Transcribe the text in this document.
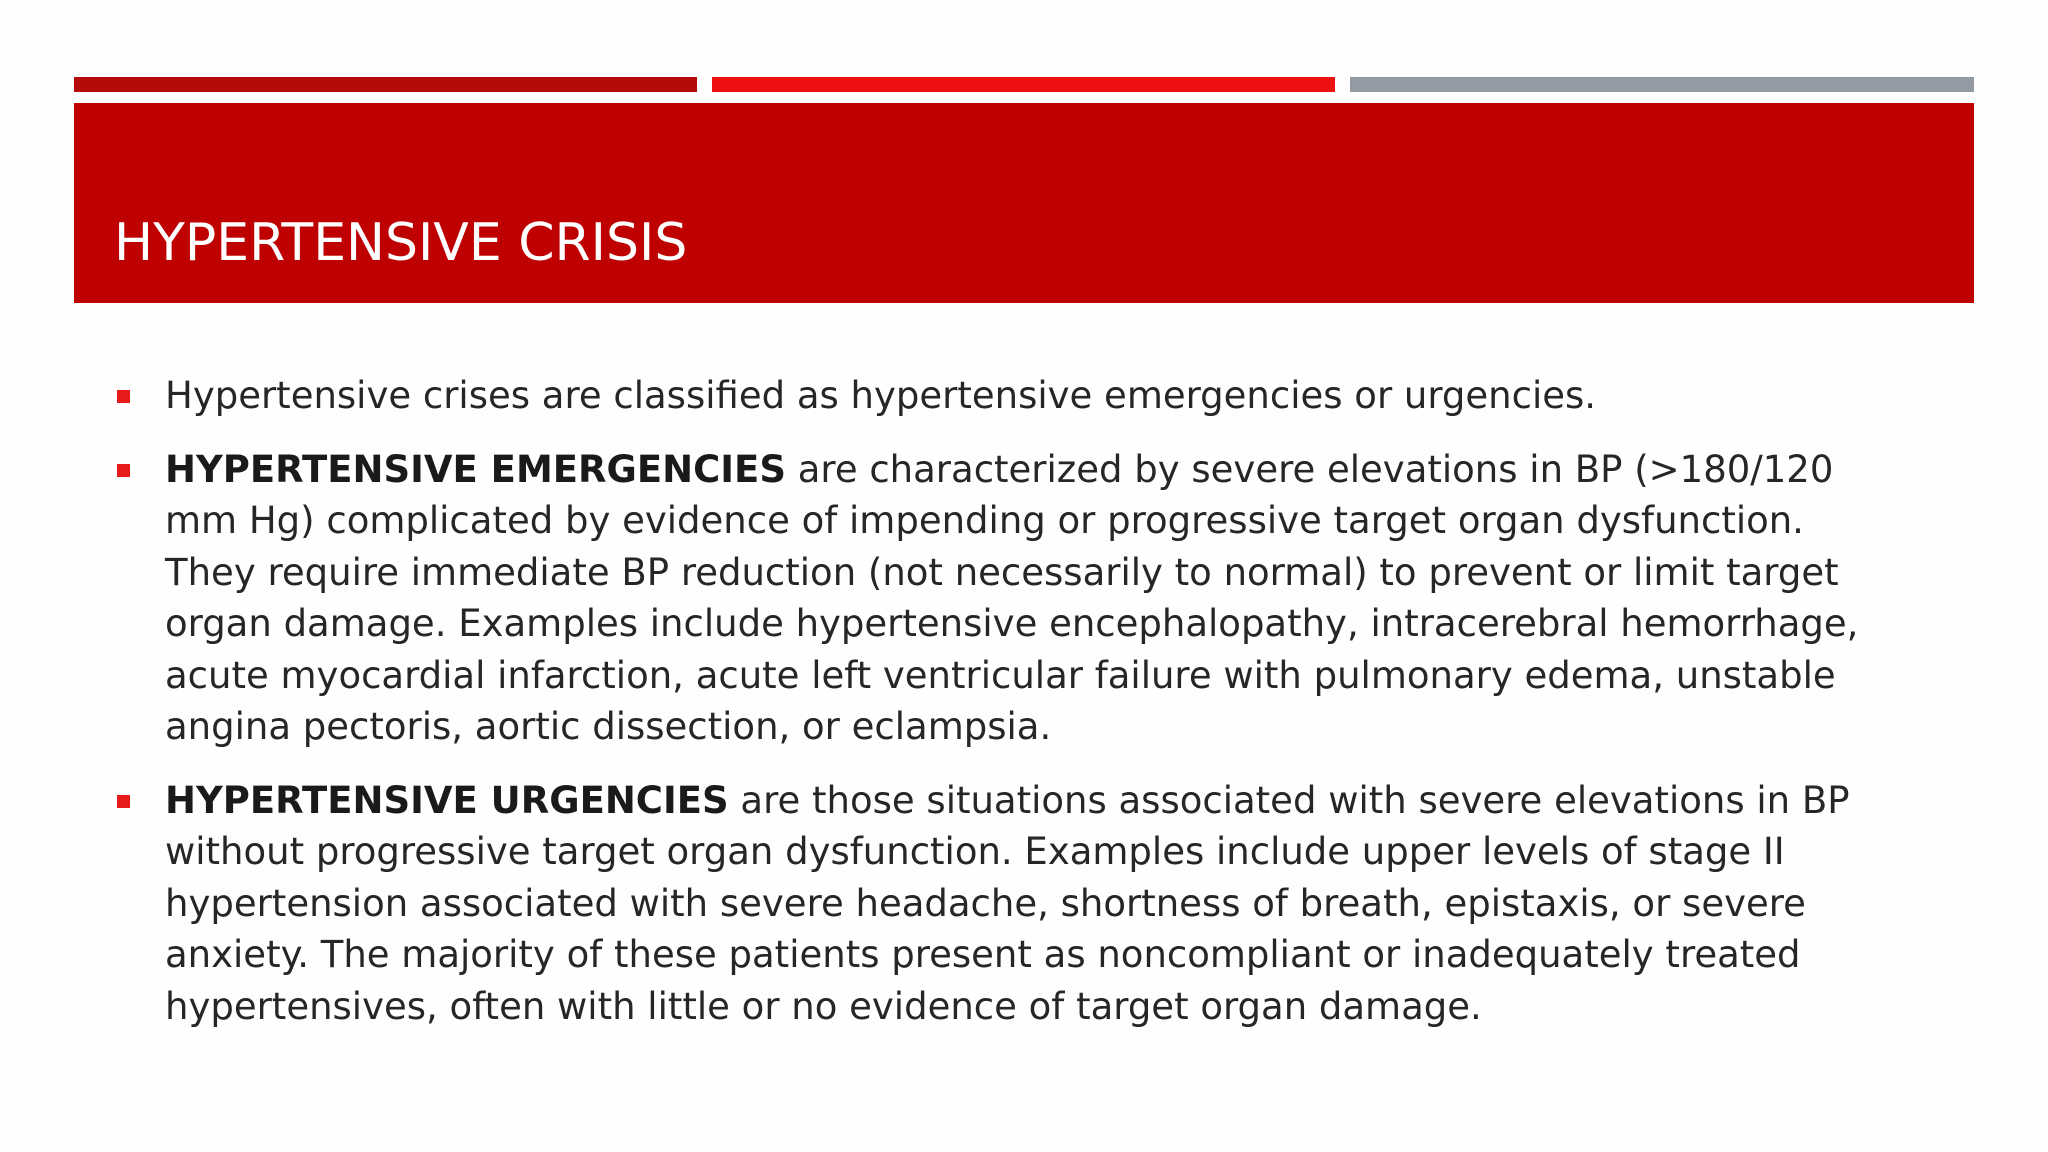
HYPERTENSIVE CRISIS
Hypertensive crises are classified as hypertensive emergencies or urgencies.
HYPERTENSIVE EMERGENCIES are characterized by severe elevations in BP (>180/120 mm Hg) complicated by evidence of impending or progressive target organ dysfunction. They require immediate BP reduction (not necessarily to normal) to prevent or limit target organ damage. Examples include hypertensive encephalopathy, intracerebral hemorrhage, acute myocardial infarction, acute left ventricular failure with pulmonary edema, unstable angina pectoris, aortic dissection, or eclampsia.
HYPERTENSIVE URGENCIES are those situations associated with severe elevations in BP without progressive target organ dysfunction. Examples include upper levels of stage II hypertension associated with severe headache, shortness of breath, epistaxis, or severe anxiety. The majority of these patients present as noncompliant or inadequately treated hypertensives, often with little or no evidence of target organ damage.
